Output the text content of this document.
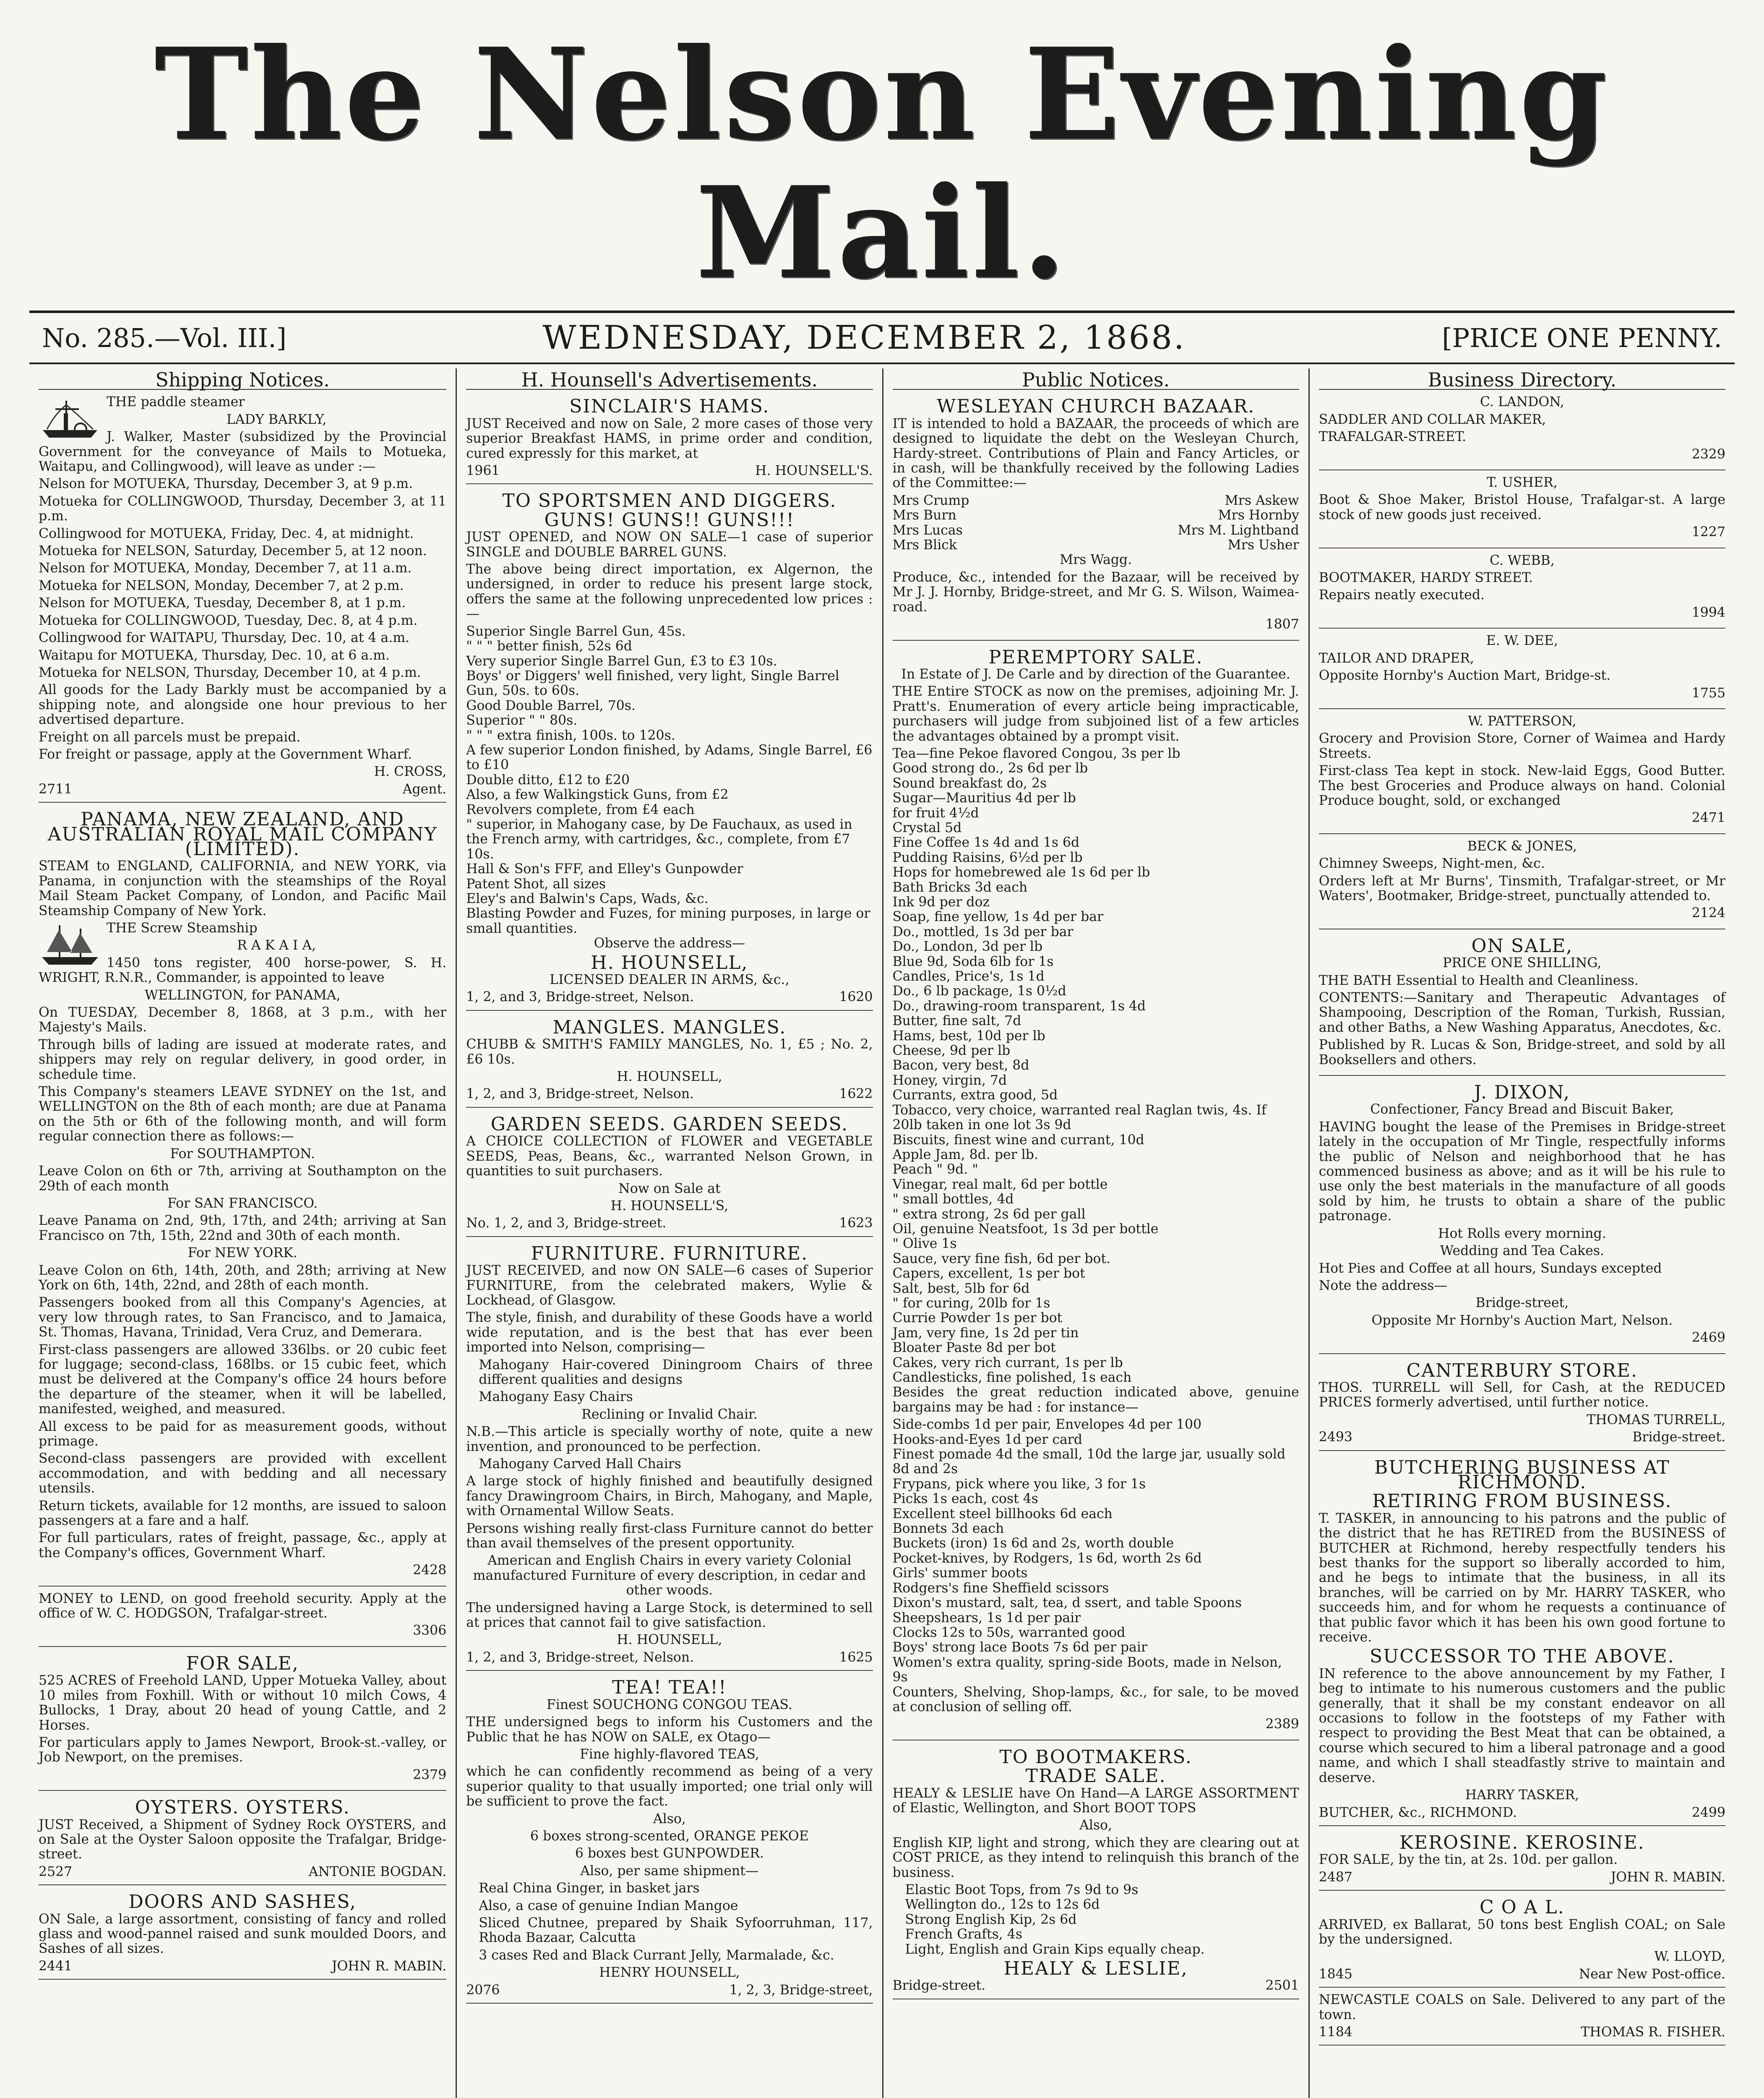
The Nelson Evening Mail.
No. 285.—Vol. III.]	WEDNESDAY, DECEMBER 2, 1868.	[PRICE ONE PENNY.
Shipping Notices.

THE paddle steamer

LADY BARKLY,

J. Walker, Master (subsidized by the Provincial Government for the conveyance of Mails to Motueka, Waitapu, and Collingwood), will leave as under :—

Nelson for MOTUEKA, Thursday, December 3, at 9 p.m.

Motueka for COLLINGWOOD, Thursday, December 3, at 11 p.m.

Collingwood for MOTUEKA, Friday, Dec. 4, at midnight.

Motueka for NELSON, Saturday, December 5, at 12 noon.

Nelson for MOTUEKA, Monday, December 7, at 11 a.m.

Motueka for NELSON, Monday, December 7, at 2 p.m.

Nelson for MOTUEKA, Tuesday, December 8, at 1 p.m.

Motueka for COLLINGWOOD, Tuesday, Dec. 8, at 4 p.m.

Collingwood for WAITAPU, Thursday, Dec. 10, at 4 a.m.

Waitapu for MOTUEKA, Thursday, Dec. 10, at 6 a.m.

Motueka for NELSON, Thursday, December 10, at 4 p.m.

All goods for the Lady Barkly must be accompanied by a shipping note, and alongside one hour previous to her advertised departure.

Freight on all parcels must be prepaid.

For freight or passage, apply at the Government Wharf.

H. CROSS,

2711	Agent.
PANAMA, NEW ZEALAND, AND AUSTRALIAN ROYAL MAIL COMPANY (LIMITED).

STEAM to ENGLAND, CALIFORNIA, and NEW YORK, via Panama, in conjunction with the steamships of the Royal Mail Steam Packet Company, of London, and Pacific Mail Steamship Company of New York.

THE Screw Steamship

R A K A I A,

1450 tons register, 400 horse-power, S. H. WRIGHT, R.N.R., Commander, is appointed to leave

WELLINGTON, for PANAMA,

On TUESDAY, December 8, 1868, at 3 p.m., with her Majesty's Mails.

Through bills of lading are issued at moderate rates, and shippers may rely on regular delivery, in good order, in schedule time.

This Company's steamers LEAVE SYDNEY on the 1st, and WELLINGTON on the 8th of each month; are due at Panama on the 5th or 6th of the following month, and will form regular connection there as follows:—

For SOUTHAMPTON.

Leave Colon on 6th or 7th, arriving at Southampton on the 29th of each month

For SAN FRANCISCO.

Leave Panama on 2nd, 9th, 17th, and 24th; arriving at San Francisco on 7th, 15th, 22nd and 30th of each month.

For NEW YORK.

Leave Colon on 6th, 14th, 20th, and 28th; arriving at New York on 6th, 14th, 22nd, and 28th of each month.

Passengers booked from all this Company's Agencies, at very low through rates, to San Francisco, and to Jamaica, St. Thomas, Havana, Trinidad, Vera Cruz, and Demerara.

First-class passengers are allowed 336lbs. or 20 cubic feet for luggage; second-class, 168lbs. or 15 cubic feet, which must be delivered at the Company's office 24 hours before the departure of the steamer, when it will be labelled, manifested, weighed, and measured.

All excess to be paid for as measurement goods, without primage.

Second-class passengers are provided with excellent accommodation, and with bedding and all necessary utensils.

Return tickets, available for 12 months, are issued to saloon passengers at a fare and a half.

For full particulars, rates of freight, passage, &c., apply at the Company's offices, Government Wharf.

2428

MONEY to LEND, on good freehold security. Apply at the office of W. C. HODGSON, Trafalgar-street.

3306

FOR SALE,

525 ACRES of Freehold LAND, Upper Motueka Valley, about 10 miles from Foxhill. With or without 10 milch Cows, 4 Bullocks, 1 Dray, about 20 head of young Cattle, and 2 Horses.

For particulars apply to James Newport, Brook-st.-valley, or Job Newport, on the premises.

2379

OYSTERS. OYSTERS.

JUST Received, a Shipment of Sydney Rock OYSTERS, and on Sale at the Oyster Saloon opposite the Trafalgar, Bridge-street.

2527	ANTONIE BOGDAN.
DOORS AND SASHES,

ON Sale, a large assortment, consisting of fancy and rolled glass and wood-pannel raised and sunk moulded Doors, and Sashes of all sizes.

2441	JOHN R. MABIN.
H. Hounsell's Advertisements.
SINCLAIR'S HAMS.

JUST Received and now on Sale, 2 more cases of those very superior Breakfast HAMS, in prime order and condition, cured expressly for this market, at

1961	H. HOUNSELL'S.
TO SPORTSMEN AND DIGGERS.
GUNS! GUNS!! GUNS!!!

JUST OPENED, and NOW ON SALE—1 case of superior SINGLE and DOUBLE BARREL GUNS.

The above being direct importation, ex Algernon, the undersigned, in order to reduce his present large stock, offers the same at the following unprecedented low prices :—

Superior Single Barrel Gun, 45s.

" " " better finish, 52s 6d

Very superior Single Barrel Gun, £3 to £3 10s.

Boys' or Diggers' well finished, very light, Single Barrel Gun, 50s. to 60s.

Good Double Barrel, 70s.

Superior " " 80s.

" " " extra finish, 100s. to 120s.

A few superior London finished, by Adams, Single Barrel, £6 to £10

Double ditto, £12 to £20

Also, a few Walkingstick Guns, from £2

Revolvers complete, from £4 each

" superior, in Mahogany case, by De Fauchaux, as used in the French army, with cartridges, &c., complete, from £7 10s.

Hall & Son's FFF, and Elley's Gunpowder

Patent Shot, all sizes

Eley's and Balwin's Caps, Wads, &c.

Blasting Powder and Fuzes, for mining purposes, in large or small quantities.

Observe the address—

H. HOUNSELL,

LICENSED DEALER IN ARMS, &c.,

1, 2, and 3, Bridge-street, Nelson.	1620
MANGLES. MANGLES.

CHUBB & SMITH'S FAMILY MANGLES, No. 1, £5 ; No. 2, £6 10s.

H. HOUNSELL,

1, 2, and 3, Bridge-street, Nelson.	1622
GARDEN SEEDS. GARDEN SEEDS.

A CHOICE COLLECTION of FLOWER and VEGETABLE SEEDS, Peas, Beans, &c., warranted Nelson Grown, in quantities to suit purchasers.

Now on Sale at

H. HOUNSELL'S,

No. 1, 2, and 3, Bridge-street.	1623
FURNITURE. FURNITURE.

JUST RECEIVED, and now ON SALE—6 cases of Superior FURNITURE, from the celebrated makers, Wylie & Lockhead, of Glasgow.

The style, finish, and durability of these Goods have a world wide reputation, and is the best that has ever been imported into Nelson, comprising—

Mahogany Hair-covered Diningroom Chairs of three different qualities and designs

Mahogany Easy Chairs

Reclining or Invalid Chair.

N.B.—This article is specially worthy of note, quite a new invention, and pronounced to be perfection.

Mahogany Carved Hall Chairs

A large stock of highly finished and beautifully designed fancy Drawingroom Chairs, in Birch, Mahogany, and Maple, with Ornamental Willow Seats.

Persons wishing really first-class Furniture cannot do better than avail themselves of the present opportunity.

American and English Chairs in every variety Colonial manufactured Furniture of every description, in cedar and other woods.

The undersigned having a Large Stock, is determined to sell at prices that cannot fail to give satisfaction.

H. HOUNSELL,

1, 2, and 3, Bridge-street, Nelson.	1625
TEA! TEA!!

Finest SOUCHONG CONGOU TEAS.

THE undersigned begs to inform his Customers and the Public that he has NOW on SALE, ex Otago—

Fine highly-flavored TEAS,

which he can confidently recommend as being of a very superior quality to that usually imported; one trial only will be sufficient to prove the fact.

Also,

6 boxes strong-scented, ORANGE PEKOE

6 boxes best GUNPOWDER.

Also, per same shipment—

Real China Ginger, in basket jars

Also, a case of genuine Indian Mangoe

Sliced Chutnee, prepared by Shaik Syfoorruhman, 117, Rhoda Bazaar, Calcutta

3 cases Red and Black Currant Jelly, Marmalade, &c.

HENRY HOUNSELL,

2076	1, 2, 3, Bridge-street,
Public Notices.
WESLEYAN CHURCH BAZAAR.

IT is intended to hold a BAZAAR, the proceeds of which are designed to liquidate the debt on the Wesleyan Church, Hardy-street. Contributions of Plain and Fancy Articles, or in cash, will be thankfully received by the following Ladies of the Committee:—

Mrs Crump	Mrs Askew
Mrs Burn	Mrs Hornby
Mrs Lucas	Mrs M. Lightband
Mrs Blick	Mrs Usher

Mrs Wagg.

Produce, &c., intended for the Bazaar, will be received by Mr J. J. Hornby, Bridge-street, and Mr G. S. Wilson, Waimea-road.

1807

PEREMPTORY SALE.

In Estate of J. De Carle and by direction of the Guarantee.

THE Entire STOCK as now on the premises, adjoining Mr. J. Pratt's. Enumeration of every article being impracticable, purchasers will judge from subjoined list of a few articles the advantages obtained by a prompt visit.

Tea—fine Pekoe flavored Congou, 3s per lb

Good strong do., 2s 6d per lb

Sound breakfast do, 2s

Sugar—Mauritius 4d per lb

for fruit 4½d

Crystal 5d

Fine Coffee 1s 4d and 1s 6d

Pudding Raisins, 6½d per lb

Hops for homebrewed ale 1s 6d per lb

Bath Bricks 3d each

Ink 9d per doz

Soap, fine yellow, 1s 4d per bar

Do., mottled, 1s 3d per bar

Do., London, 3d per lb

Blue 9d, Soda 6lb for 1s

Candles, Price's, 1s 1d

Do., 6 lb package, 1s 0½d

Do., drawing-room transparent, 1s 4d

Butter, fine salt, 7d

Hams, best, 10d per lb

Cheese, 9d per lb

Bacon, very best, 8d

Honey, virgin, 7d

Currants, extra good, 5d

Tobacco, very choice, warranted real Raglan twis, 4s. If 20lb taken in one lot 3s 9d

Biscuits, finest wine and currant, 10d

Apple Jam, 8d. per lb.

Peach " 9d. "

Vinegar, real malt, 6d per bottle

" small bottles, 4d

" extra strong, 2s 6d per gall

Oil, genuine Neatsfoot, 1s 3d per bottle

" Olive 1s

Sauce, very fine fish, 6d per bot.

Capers, excellent, 1s per bot

Salt, best, 5lb for 6d

" for curing, 20lb for 1s

Currie Powder 1s per bot

Jam, very fine, 1s 2d per tin

Bloater Paste 8d per bot

Cakes, very rich currant, 1s per lb

Candlesticks, fine polished, 1s each

Besides the great reduction indicated above, genuine bargains may be had : for instance—

Side-combs 1d per pair, Envelopes 4d per 100

Hooks-and-Eyes 1d per card

Finest pomade 4d the small, 10d the large jar, usually sold 8d and 2s

Frypans, pick where you like, 3 for 1s

Picks 1s each, cost 4s

Excellent steel billhooks 6d each

Bonnets 3d each

Buckets (iron) 1s 6d and 2s, worth double

Pocket-knives, by Rodgers, 1s 6d, worth 2s 6d

Girls' summer boots

Rodgers's fine Sheffield scissors

Dixon's mustard, salt, tea, d ssert, and table Spoons

Sheepshears, 1s 1d per pair

Clocks 12s to 50s, warranted good

Boys' strong lace Boots 7s 6d per pair

Women's extra quality, spring-side Boots, made in Nelson, 9s

Counters, Shelving, Shop-lamps, &c., for sale, to be moved at conclusion of selling off.

2389

TO BOOTMAKERS.
TRADE SALE.

HEALY & LESLIE have On Hand—A LARGE ASSORTMENT of Elastic, Wellington, and Short BOOT TOPS

Also,

English KIP, light and strong, which they are clearing out at COST PRICE, as they intend to relinquish this branch of the business.

Elastic Boot Tops, from 7s 9d to 9s

Wellington do., 12s to 12s 6d

Strong English Kip, 2s 6d

French Grafts, 4s

Light, English and Grain Kips equally cheap.

HEALY & LESLIE,
Bridge-street.	2501
Business Directory.

C. LANDON,

SADDLER AND COLLAR MAKER,

TRAFALGAR-STREET.

2329

T. USHER,

Boot & Shoe Maker, Bristol House, Trafalgar-st. A large stock of new goods just received.

1227

C. WEBB,

BOOTMAKER, HARDY STREET.

Repairs neatly executed.

1994

E. W. DEE,

TAILOR AND DRAPER,

Opposite Hornby's Auction Mart, Bridge-st.

1755

W. PATTERSON,

Grocery and Provision Store, Corner of Waimea and Hardy Streets.

First-class Tea kept in stock. New-laid Eggs, Good Butter. The best Groceries and Produce always on hand. Colonial Produce bought, sold, or exchanged

2471

BECK & JONES,

Chimney Sweeps, Night-men, &c.

Orders left at Mr Burns', Tinsmith, Trafalgar-street, or Mr Waters', Bootmaker, Bridge-street, punctually attended to.

2124

ON SALE,

PRICE ONE SHILLING,

THE BATH Essential to Health and Cleanliness.

CONTENTS:—Sanitary and Therapeutic Advantages of Shampooing, Description of the Roman, Turkish, Russian, and other Baths, a New Washing Apparatus, Anecdotes, &c.

Published by R. Lucas & Son, Bridge-street, and sold by all Booksellers and others.

J. DIXON,

Confectioner, Fancy Bread and Biscuit Baker,

HAVING bought the lease of the Premises in Bridge-street lately in the occupation of Mr Tingle, respectfully informs the public of Nelson and neighborhood that he has commenced business as above; and as it will be his rule to use only the best materials in the manufacture of all goods sold by him, he trusts to obtain a share of the public patronage.

Hot Rolls every morning.

Wedding and Tea Cakes.

Hot Pies and Coffee at all hours, Sundays excepted

Note the address—

Bridge-street,

Opposite Mr Hornby's Auction Mart, Nelson.

2469

CANTERBURY STORE.

THOS. TURRELL will Sell, for Cash, at the REDUCED PRICES formerly advertised, until further notice.

THOMAS TURRELL,

2493	Bridge-street.
BUTCHERING BUSINESS AT RICHMOND.
RETIRING FROM BUSINESS.

T. TASKER, in announcing to his patrons and the public of the district that he has RETIRED from the BUSINESS of BUTCHER at Richmond, hereby respectfully tenders his best thanks for the support so liberally accorded to him, and he begs to intimate that the business, in all its branches, will be carried on by Mr. HARRY TASKER, who succeeds him, and for whom he requests a continuance of that public favor which it has been his own good fortune to receive.

SUCCESSOR TO THE ABOVE.

IN reference to the above announcement by my Father, I beg to intimate to his numerous customers and the public generally, that it shall be my constant endeavor on all occasions to follow in the footsteps of my Father with respect to providing the Best Meat that can be obtained, a course which secured to him a liberal patronage and a good name, and which I shall steadfastly strive to maintain and deserve.

HARRY TASKER,

BUTCHER, &c., RICHMOND.	2499
KEROSINE. KEROSINE.

FOR SALE, by the tin, at 2s. 10d. per gallon.

2487	JOHN R. MABIN.
C O A L.

ARRIVED, ex Ballarat, 50 tons best English COAL; on Sale by the undersigned.

W. LLOYD,

1845	Near New Post-office.

NEWCASTLE COALS on Sale. Delivered to any part of the town.

1184	THOMAS R. FISHER.
